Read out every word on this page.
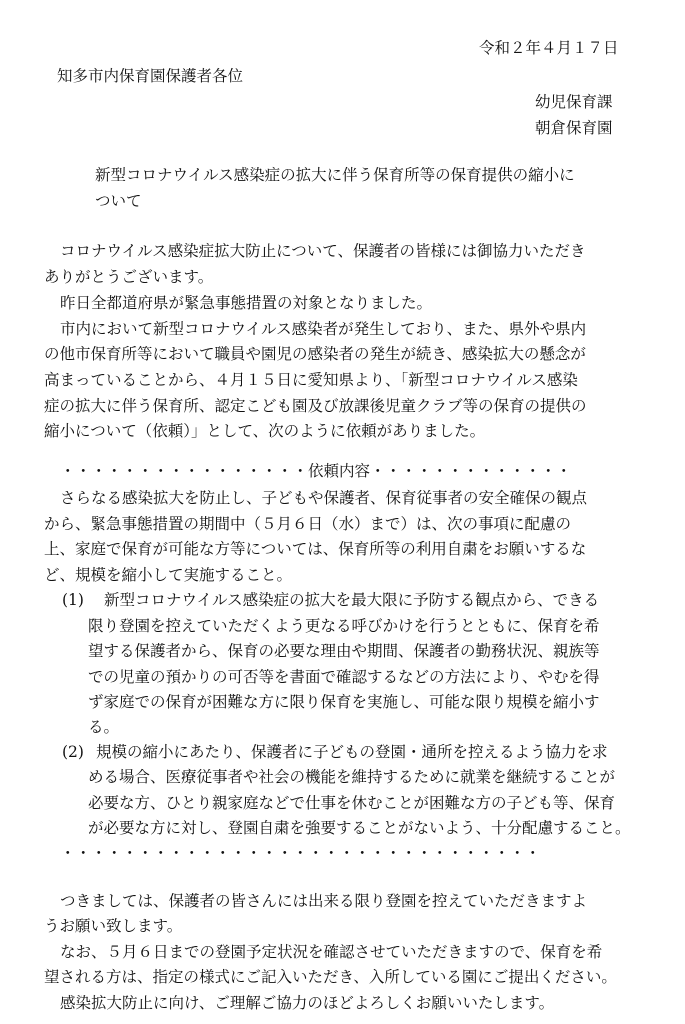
令和２年４月１７日
知多市内保育園保護者各位
幼児保育課
朝倉保育園
新型コロナウイルス感染症の拡大に伴う保育所等の保育提供の縮小に
ついて
コロナウイルス感染症拡大防止について、保護者の皆様には御協力いただき
ありがとうございます。
昨日全都道府県が緊急事態措置の対象となりました。
市内において新型コロナウイルス感染者が発生しており、また、県外や県内
の他市保育所等において職員や園児の感染者の発生が続き、感染拡大の懸念が
高まっていることから、４月１５日に愛知県より、「新型コロナウイルス感染
症の拡大に伴う保育所、認定こども園及び放課後児童クラブ等の保育の提供の
縮小について（依頼）」として、次のように依頼がありました。
・・・・・・・・・・・・・・・・依頼内容・・・・・・・・・・・・・
さらなる感染拡大を防止し、子どもや保護者、保育従事者の安全確保の観点
から、緊急事態措置の期間中（５月６日（水）まで）は、次の事項に配慮の
上、家庭で保育が可能な方等については、保育所等の利用自粛をお願いするな
ど、規模を縮小して実施すること。
(1) 新型コロナウイルス感染症の拡大を最大限に予防する観点から、できる
限り登園を控えていただくよう更なる呼びかけを行うとともに、保育を希
望する保護者から、保育の必要な理由や期間、保護者の勤務状況、親族等
での児童の預かりの可否等を書面で確認するなどの方法により、やむを得
ず家庭での保育が困難な方に限り保育を実施し、可能な限り規模を縮小す
る。
(2) 規模の縮小にあたり、保護者に子どもの登園・通所を控えるよう協力を求
める場合、医療従事者や社会の機能を維持するために就業を継続することが
必要な方、ひとり親家庭などで仕事を休むことが困難な方の子ども等、保育
が必要な方に対し、登園自粛を強要することがないよう、十分配慮すること。
・・・・・・・・・・・・・・・・・・・・・・・・・・・・・・・
つきましては、保護者の皆さんには出来る限り登園を控えていただきますよ
うお願い致します。
なお、５月６日までの登園予定状況を確認させていただきますので、保育を希
望される方は、指定の様式にご記入いただき、入所している園にご提出ください。
感染拡大防止に向け、ご理解ご協力のほどよろしくお願いいたします。
